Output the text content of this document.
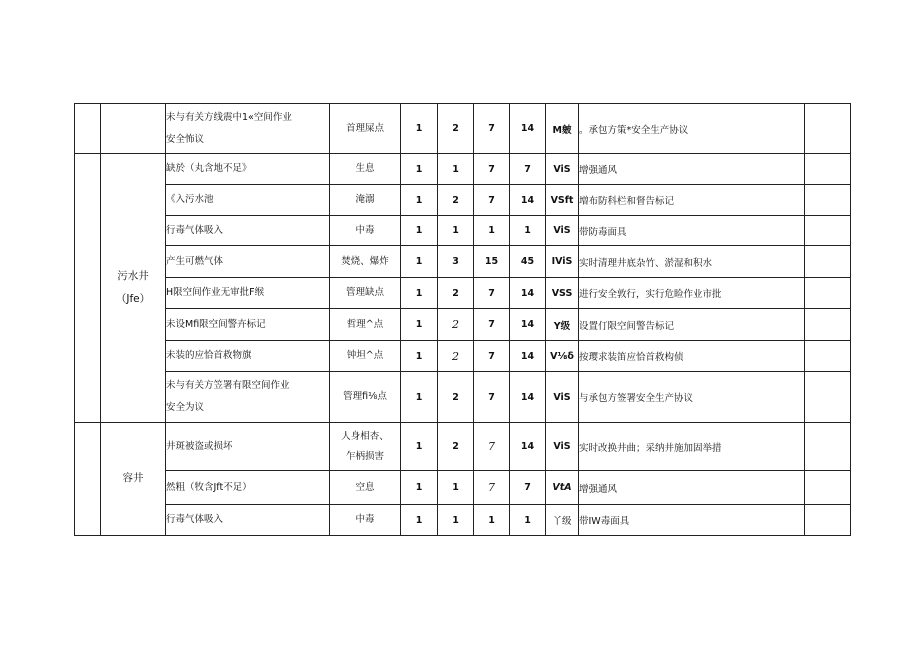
		未与有关方线震中1«空间作业
安全怖议	首理屎点	1	2	7	14	M皴	。承包方策*安全生产协议	

	污水井
（Jfe）	缺於（丸含地不足》	生息	1	1	7	7	ViS	增强通风	
		《入污水池	淹溺	1	2	7	14	VSft	増布防科栏和督告标记	
		行毒气体吸入	中毒	1	1	1	1	ViS	带防毒面具	
		产生可燃气体	焚烧、爆炸	1	3	15	45	IViS	实时清理井底杂竹、淤湿和积水	
		H限空间作业无审批F缑	管理缺点	1	2	7	14	VSS	进行安全敦行，实行危睑作业市批	
		未设Mfi限空间警卉标记	哲理^点	1	2	7	14	Y级	设置仃限空间警告标记	
		未装的应恰首救物旗	钟坦^点	1	2	7	14	V⅛δ	按璎求装笛应恰首救构侦	

		未与有关方笠署有限空间作业
安全为议	管理fi⅛点	1	2	7	14	ViS	与承包方签署安全生产协议	

	容井	井斑被盗或损坏	人身相杏、
乍柄损害	1	2	7	14	ViS	实时改换井曲；采纳井施加固举措	
		然粗（牧含Jft不足）	空息	1	1	7	7	VtA	增强通风	
		行毒气体吸入	中毒	1	1	1	1	丫级	带IW毒面具	
